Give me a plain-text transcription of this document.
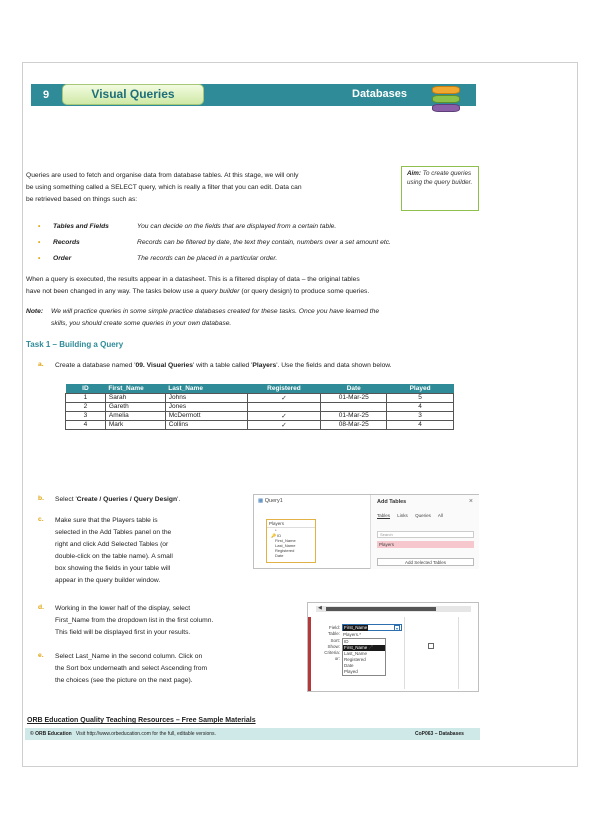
9	Visual Queries	Databases
Queries are used to fetch and organise data from database tables. At this stage, we will only
be using something called a SELECT query, which is really a filter that you can edit. Data can
be retrieved based on things such as:
Aim: To create queries using the query builder.
• Tables and Fields	You can decide on the fields that are displayed from a certain table.
• Records	Records can be filtered by date, the text they contain, numbers over a set amount etc.
• Order	The records can be placed in a particular order.
When a query is executed, the results appear in a datasheet. This is a filtered display of data – the original tables
have not been changed in any way. The tasks below use a query builder (or query design) to produce some queries.
Note: We will practice queries in some simple practice databases created for these tasks. Once you have learned the
skills, you should create some queries in your own database.
Task 1 – Building a Query
a. Create a database named '09. Visual Queries' with a table called 'Players'. Use the fields and data shown below.
ID	First_Name	Last_Name	Registered	Date	Played
1	Sarah	Johns	✓	01-Mar-25	5
2	Gareth	Jones			4
3	Amelia	McDermott	✓	01-Mar-25	3
4	Mark	Collins	✓	08-Mar-25	4
b. Select 'Create / Queries / Query Design'.
c. Make sure that the Players table is
selected in the Add Tables panel on the
right and click Add Selected Tables (or
double-click on the table name). A small
box showing the fields in your table will
appear in the query builder window.
d. Working in the lower half of the display, select
First_Name from the dropdown list in the first column.
This field will be displayed first in your results.
e. Select Last_Name in the second column. Click on
the Sort box underneath and select Ascending from
the choices (see the picture on the next page).
▦ Query1
Players
*
🔑 ID
First_Name
Last_Name
Registered
Date
Add Tables	×
Tables Links Queries All
Search
Players
Add Selected Tables
◀
Field:
Table:
Sort:
Show:
Criteria:
or:
First_Name	▾
Players.*
ID
First_Name
Last_Name
Registered
Date
Played
➚
ORB Education Quality Teaching Resources – Free Sample Materials
© ORB Education Visit http://www.orbeducation.com for the full, editable versions.	CoP063 – Databases
